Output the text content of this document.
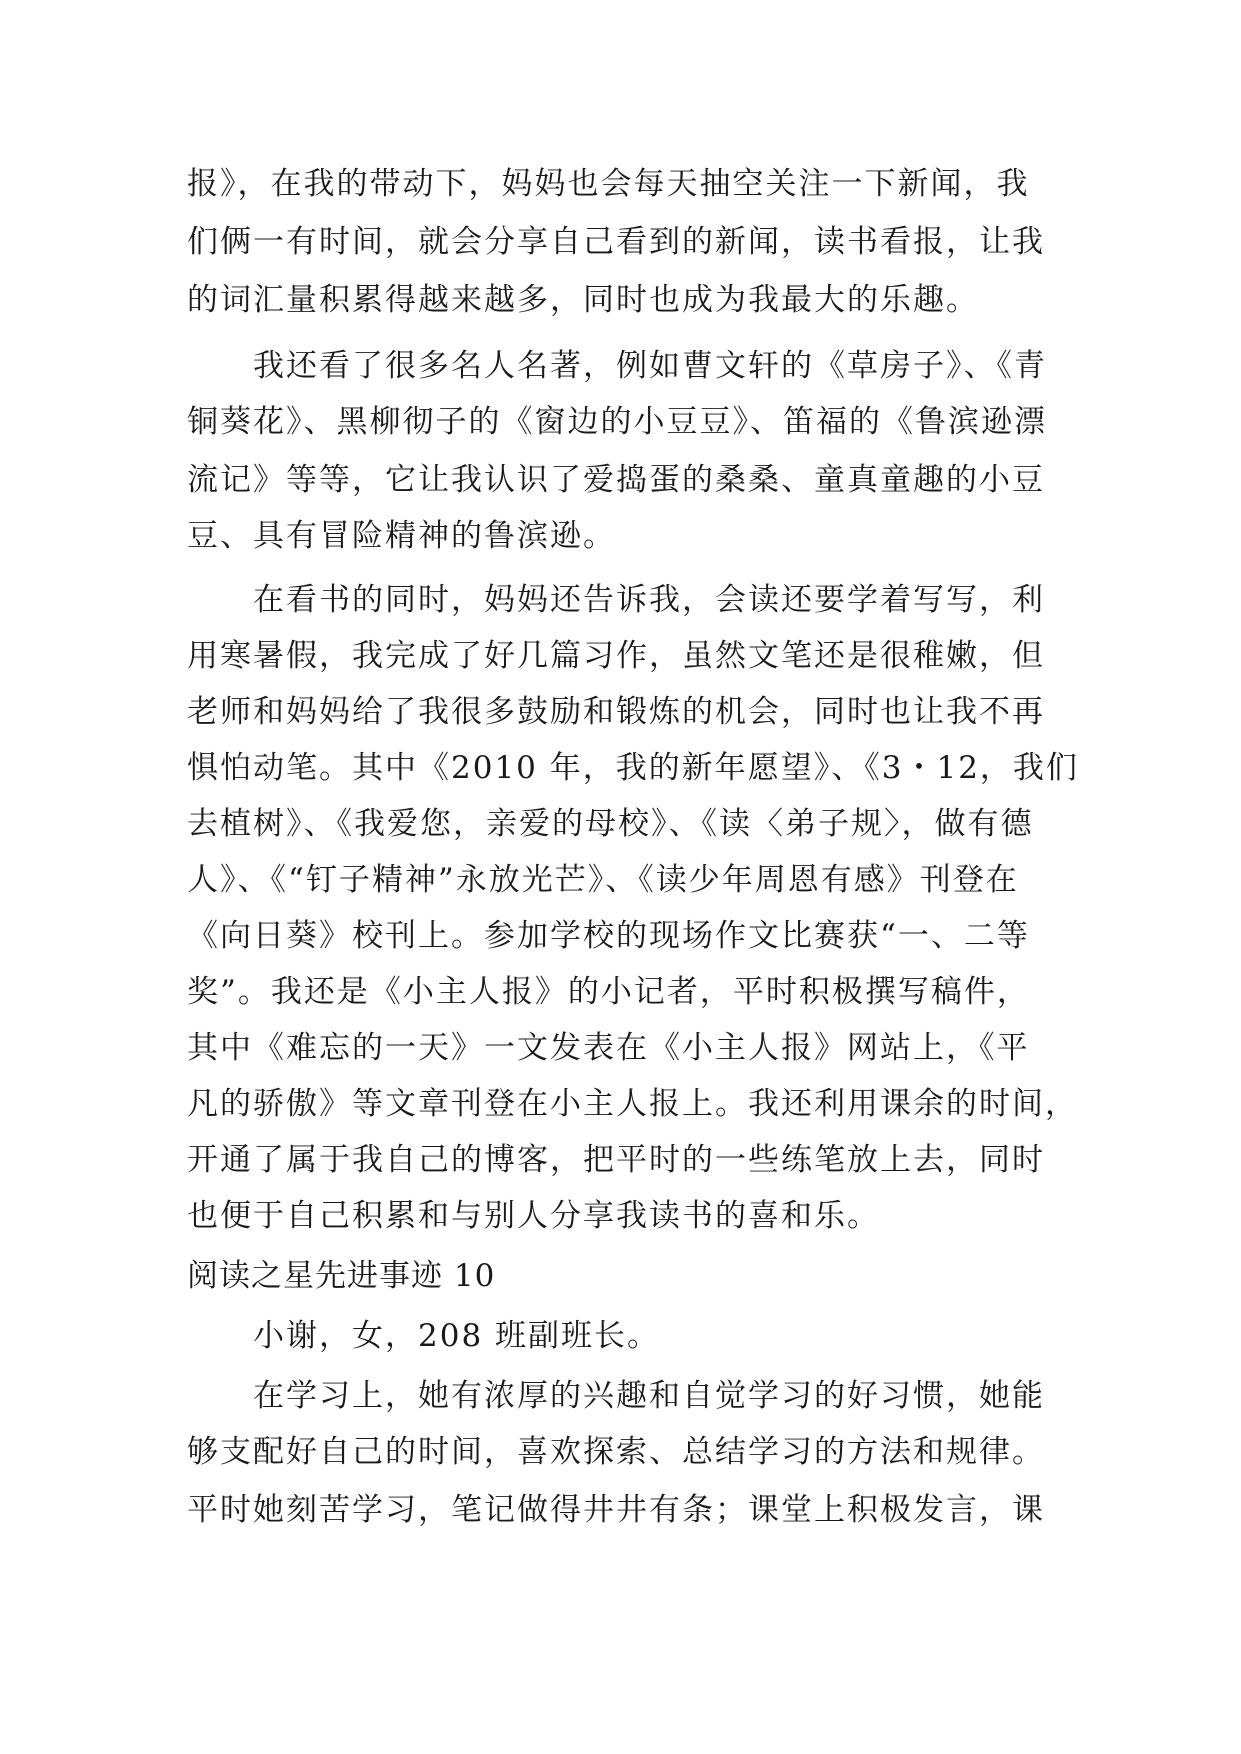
报》，在我的带动下，妈妈也会每天抽空关注一下新闻，我
们俩一有时间，就会分享自己看到的新闻，读书看报，让我
的词汇量积累得越来越多，同时也成为我最大的乐趣。
我还看了很多名人名著，例如曹文轩的《草房子》、《青
铜葵花》、黑柳彻子的《窗边的小豆豆》、笛福的《鲁滨逊漂
流记》等等，它让我认识了爱捣蛋的桑桑、童真童趣的小豆
豆、具有冒险精神的鲁滨逊。
在看书的同时，妈妈还告诉我，会读还要学着写写，利
用寒暑假，我完成了好几篇习作，虽然文笔还是很稚嫩，但
老师和妈妈给了我很多鼓励和锻炼的机会，同时也让我不再
惧怕动笔。其中《2010 年，我的新年愿望》、《3・12，我们
去植树》、《我爱您，亲爱的母校》、《读〈弟子规〉，做有德
人》、《“钉子精神”永放光芒》、《读少年周恩有感》刊登在
《向日葵》校刊上。参加学校的现场作文比赛获“一、二等
奖”。我还是《小主人报》的小记者，平时积极撰写稿件，
其中《难忘的一天》一文发表在《小主人报》网站上，《平
凡的骄傲》等文章刊登在小主人报上。我还利用课余的时间，
开通了属于我自己的博客，把平时的一些练笔放上去，同时
也便于自己积累和与别人分享我读书的喜和乐。
阅读之星先进事迹 10
小谢，女，208 班副班长。
在学习上，她有浓厚的兴趣和自觉学习的好习惯，她能
够支配好自己的时间，喜欢探索、总结学习的方法和规律。
平时她刻苦学习，笔记做得井井有条；课堂上积极发言，课
